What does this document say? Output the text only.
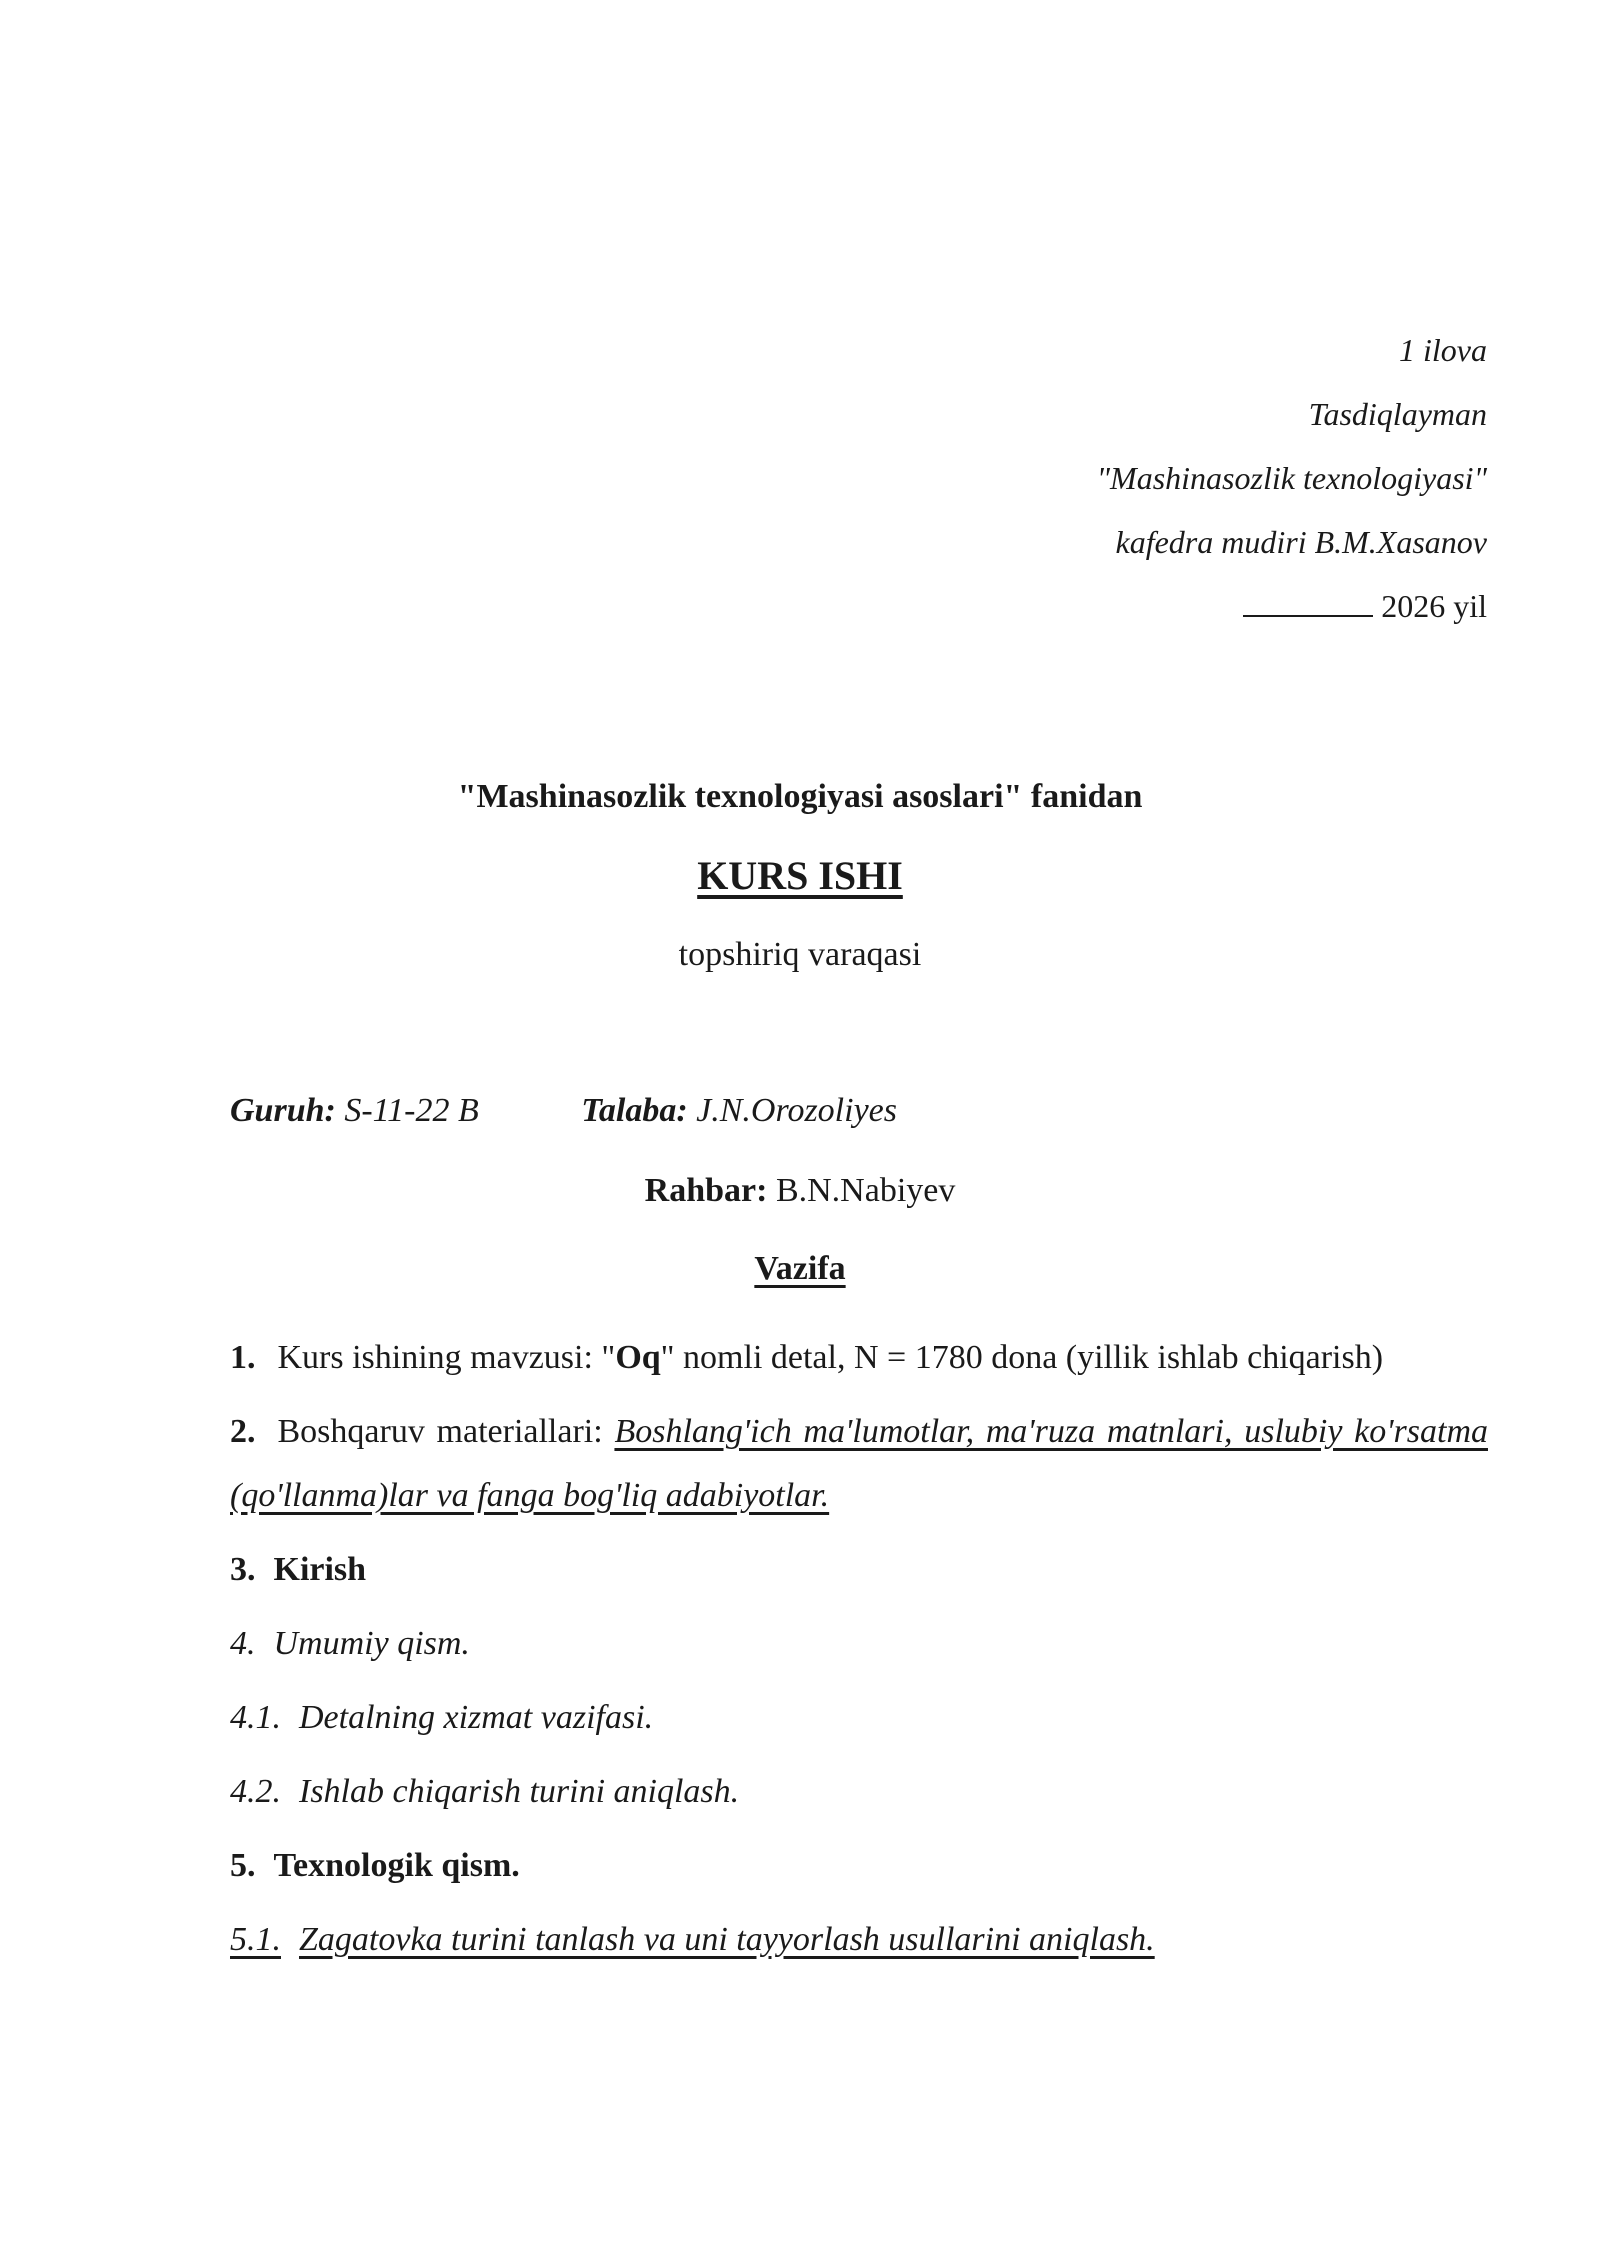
1 ilova
Tasdiqlayman
"Mashinasozlik texnologiyasi"
kafedra mudiri B.M.Xasanov
2026 yil
"Mashinasozlik texnologiyasi asoslari" fanidan
KURS ISHI
topshiriq varaqasi
Guruh: S-11-22 B	Talaba: J.N.Orozoliyes
Rahbar: B.N.Nabiyev
Vazifa

1. Kurs ishining mavzusi: "Oq" nomli detal, N = 1780 dona (yillik ishlab chiqarish)

2. Boshqaruv materiallari: Boshlang'ich ma'lumotlar, ma'ruza matnlari, uslubiy ko'rsatma (qo'llanma)lar va fanga bog'liq adabiyotlar.

3. Kirish

4. Umumiy qism.

4.1. Detalning xizmat vazifasi.

4.2. Ishlab chiqarish turini aniqlash.

5. Texnologik qism.

5.1. Zagatovka turini tanlash va uni tayyorlash usullarini aniqlash.
